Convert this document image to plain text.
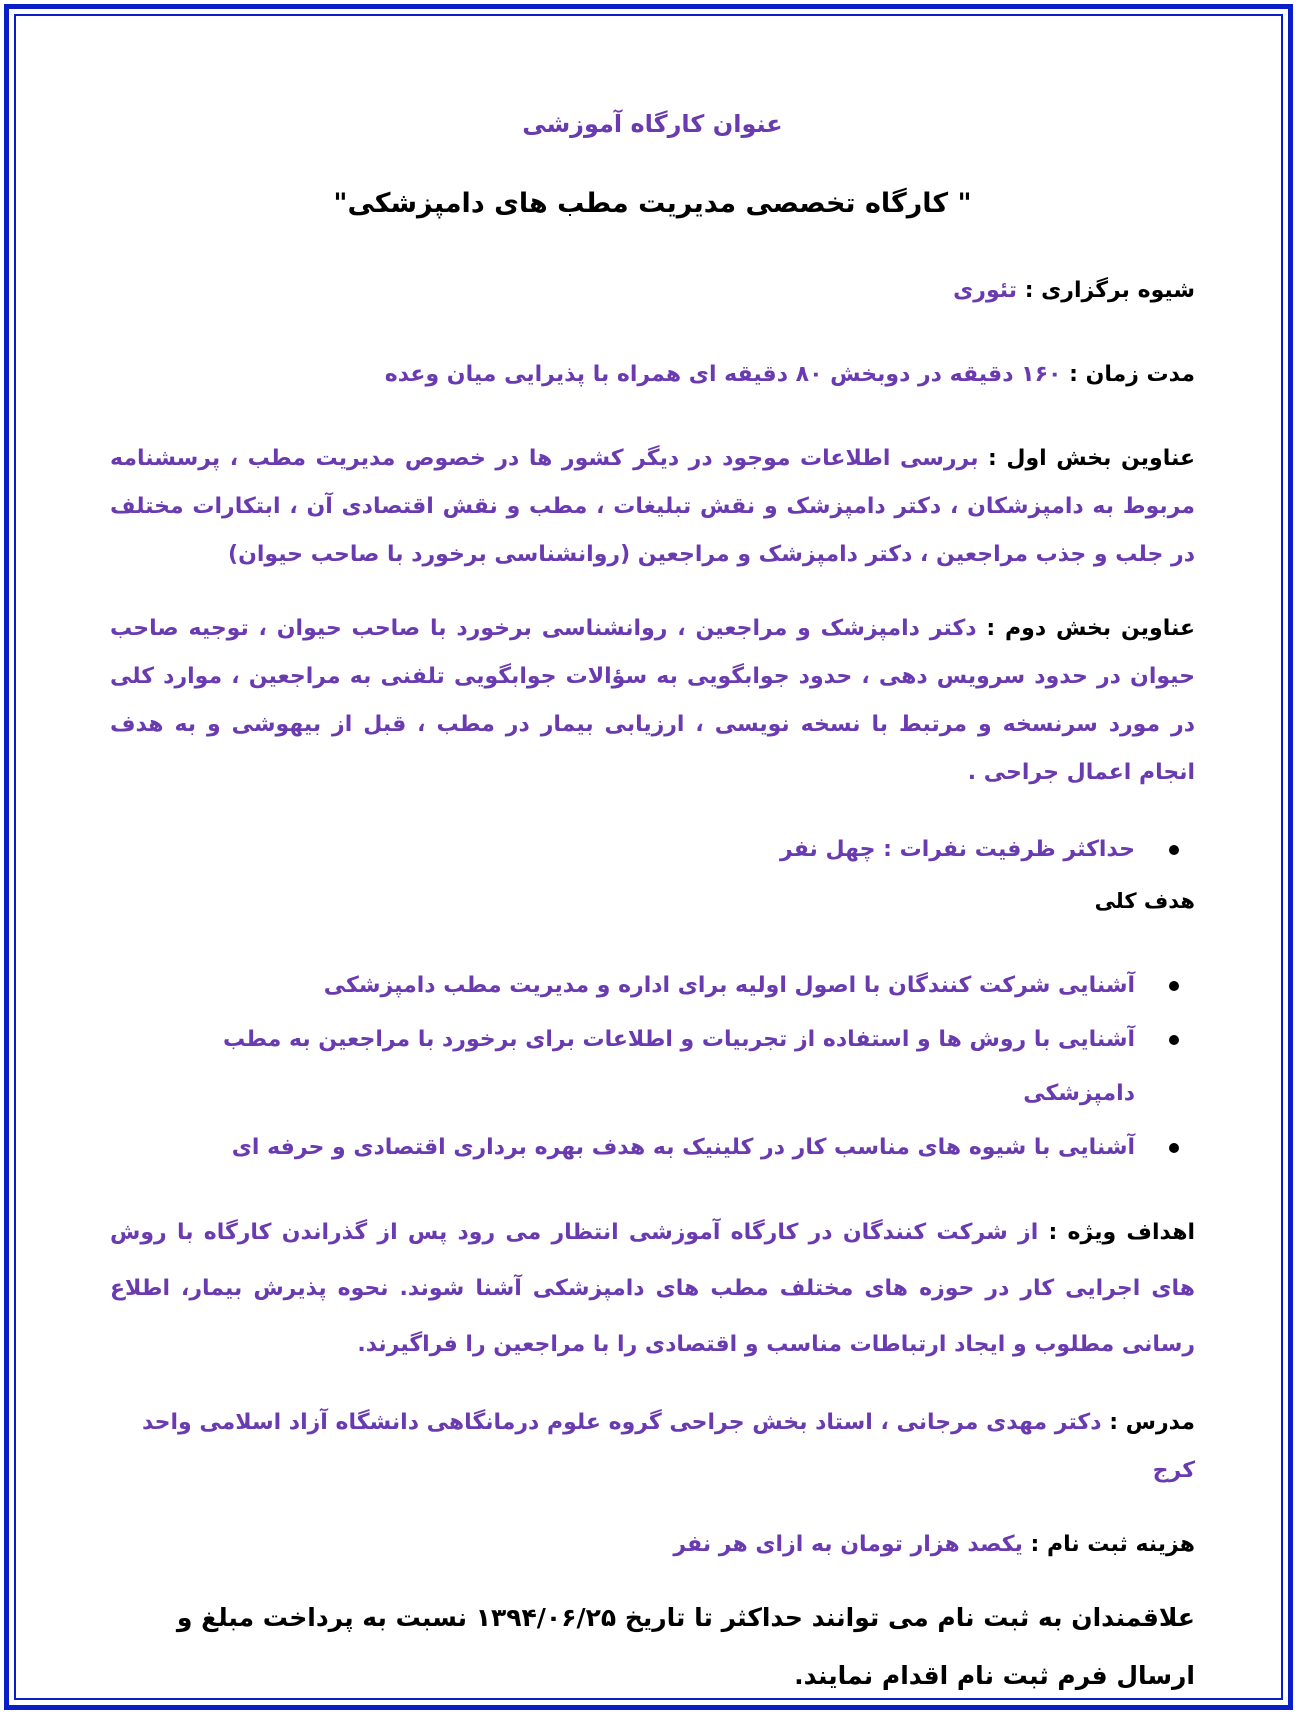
عنوان کارگاه آموزشی
" کارگاه تخصصی مدیریت مطب های دامپزشکی"
شیوه برگزاری : تئوری
مدت زمان : ۱۶۰ دقیقه در دوبخش ۸۰ دقیقه ای همراه با پذیرایی میان وعده
عناوین بخش اول : بررسی اطلاعات موجود در دیگر کشور ها در خصوص مدیریت مطب ، پرسشنامه مربوط به دامپزشکان ، دکتر دامپزشک و نقش تبلیغات ، مطب و نقش اقتصادی آن ، ابتکارات مختلف در جلب و جذب مراجعین ، دکتر دامپزشک و مراجعین (روانشناسی برخورد با صاحب حیوان)
عناوین بخش دوم : دکتر دامپزشک و مراجعین ، روانشناسی برخورد با صاحب حیوان ، توجیه صاحب حیوان در حدود سرویس دهی ، حدود جوابگویی به سؤالات جوابگویی تلفنی به مراجعین ، موارد کلی در مورد سرنسخه و مرتبط با نسخه نویسی ، ارزیابی بیمار در مطب ، قبل از بیهوشی و به هدف انجام اعمال جراحی .
حداکثر ظرفیت نفرات : چهل نفر
هدف کلی
آشنایی شرکت کنندگان با اصول اولیه برای اداره و مدیریت مطب دامپزشکی
آشنایی با روش ها و استفاده از تجربیات و اطلاعات برای برخورد با مراجعین به مطب دامپزشکی
آشنایی با شیوه های مناسب کار در کلینیک به هدف بهره برداری اقتصادی و حرفه ای
اهداف ویژه : از شرکت کنندگان در کارگاه آموزشی انتظار می رود پس از گذراندن کارگاه با روش های اجرایی کار در حوزه های مختلف مطب های دامپزشکی آشنا شوند. نحوه پذیرش بیمار، اطلاع رسانی مطلوب و ایجاد ارتباطات مناسب و اقتصادی را با مراجعین را فراگیرند.
مدرس : دکتر مهدی مرجانی ، استاد بخش جراحی گروه علوم درمانگاهی دانشگاه آزاد اسلامی واحد کرج
هزینه ثبت نام : یکصد هزار تومان به ازای هر نفر
علاقمندان به ثبت نام می توانند حداکثر تا تاریخ ۱۳۹۴/۰۶/۲۵ نسبت به پرداخت مبلغ و ارسال فرم ثبت نام اقدام نمایند.
